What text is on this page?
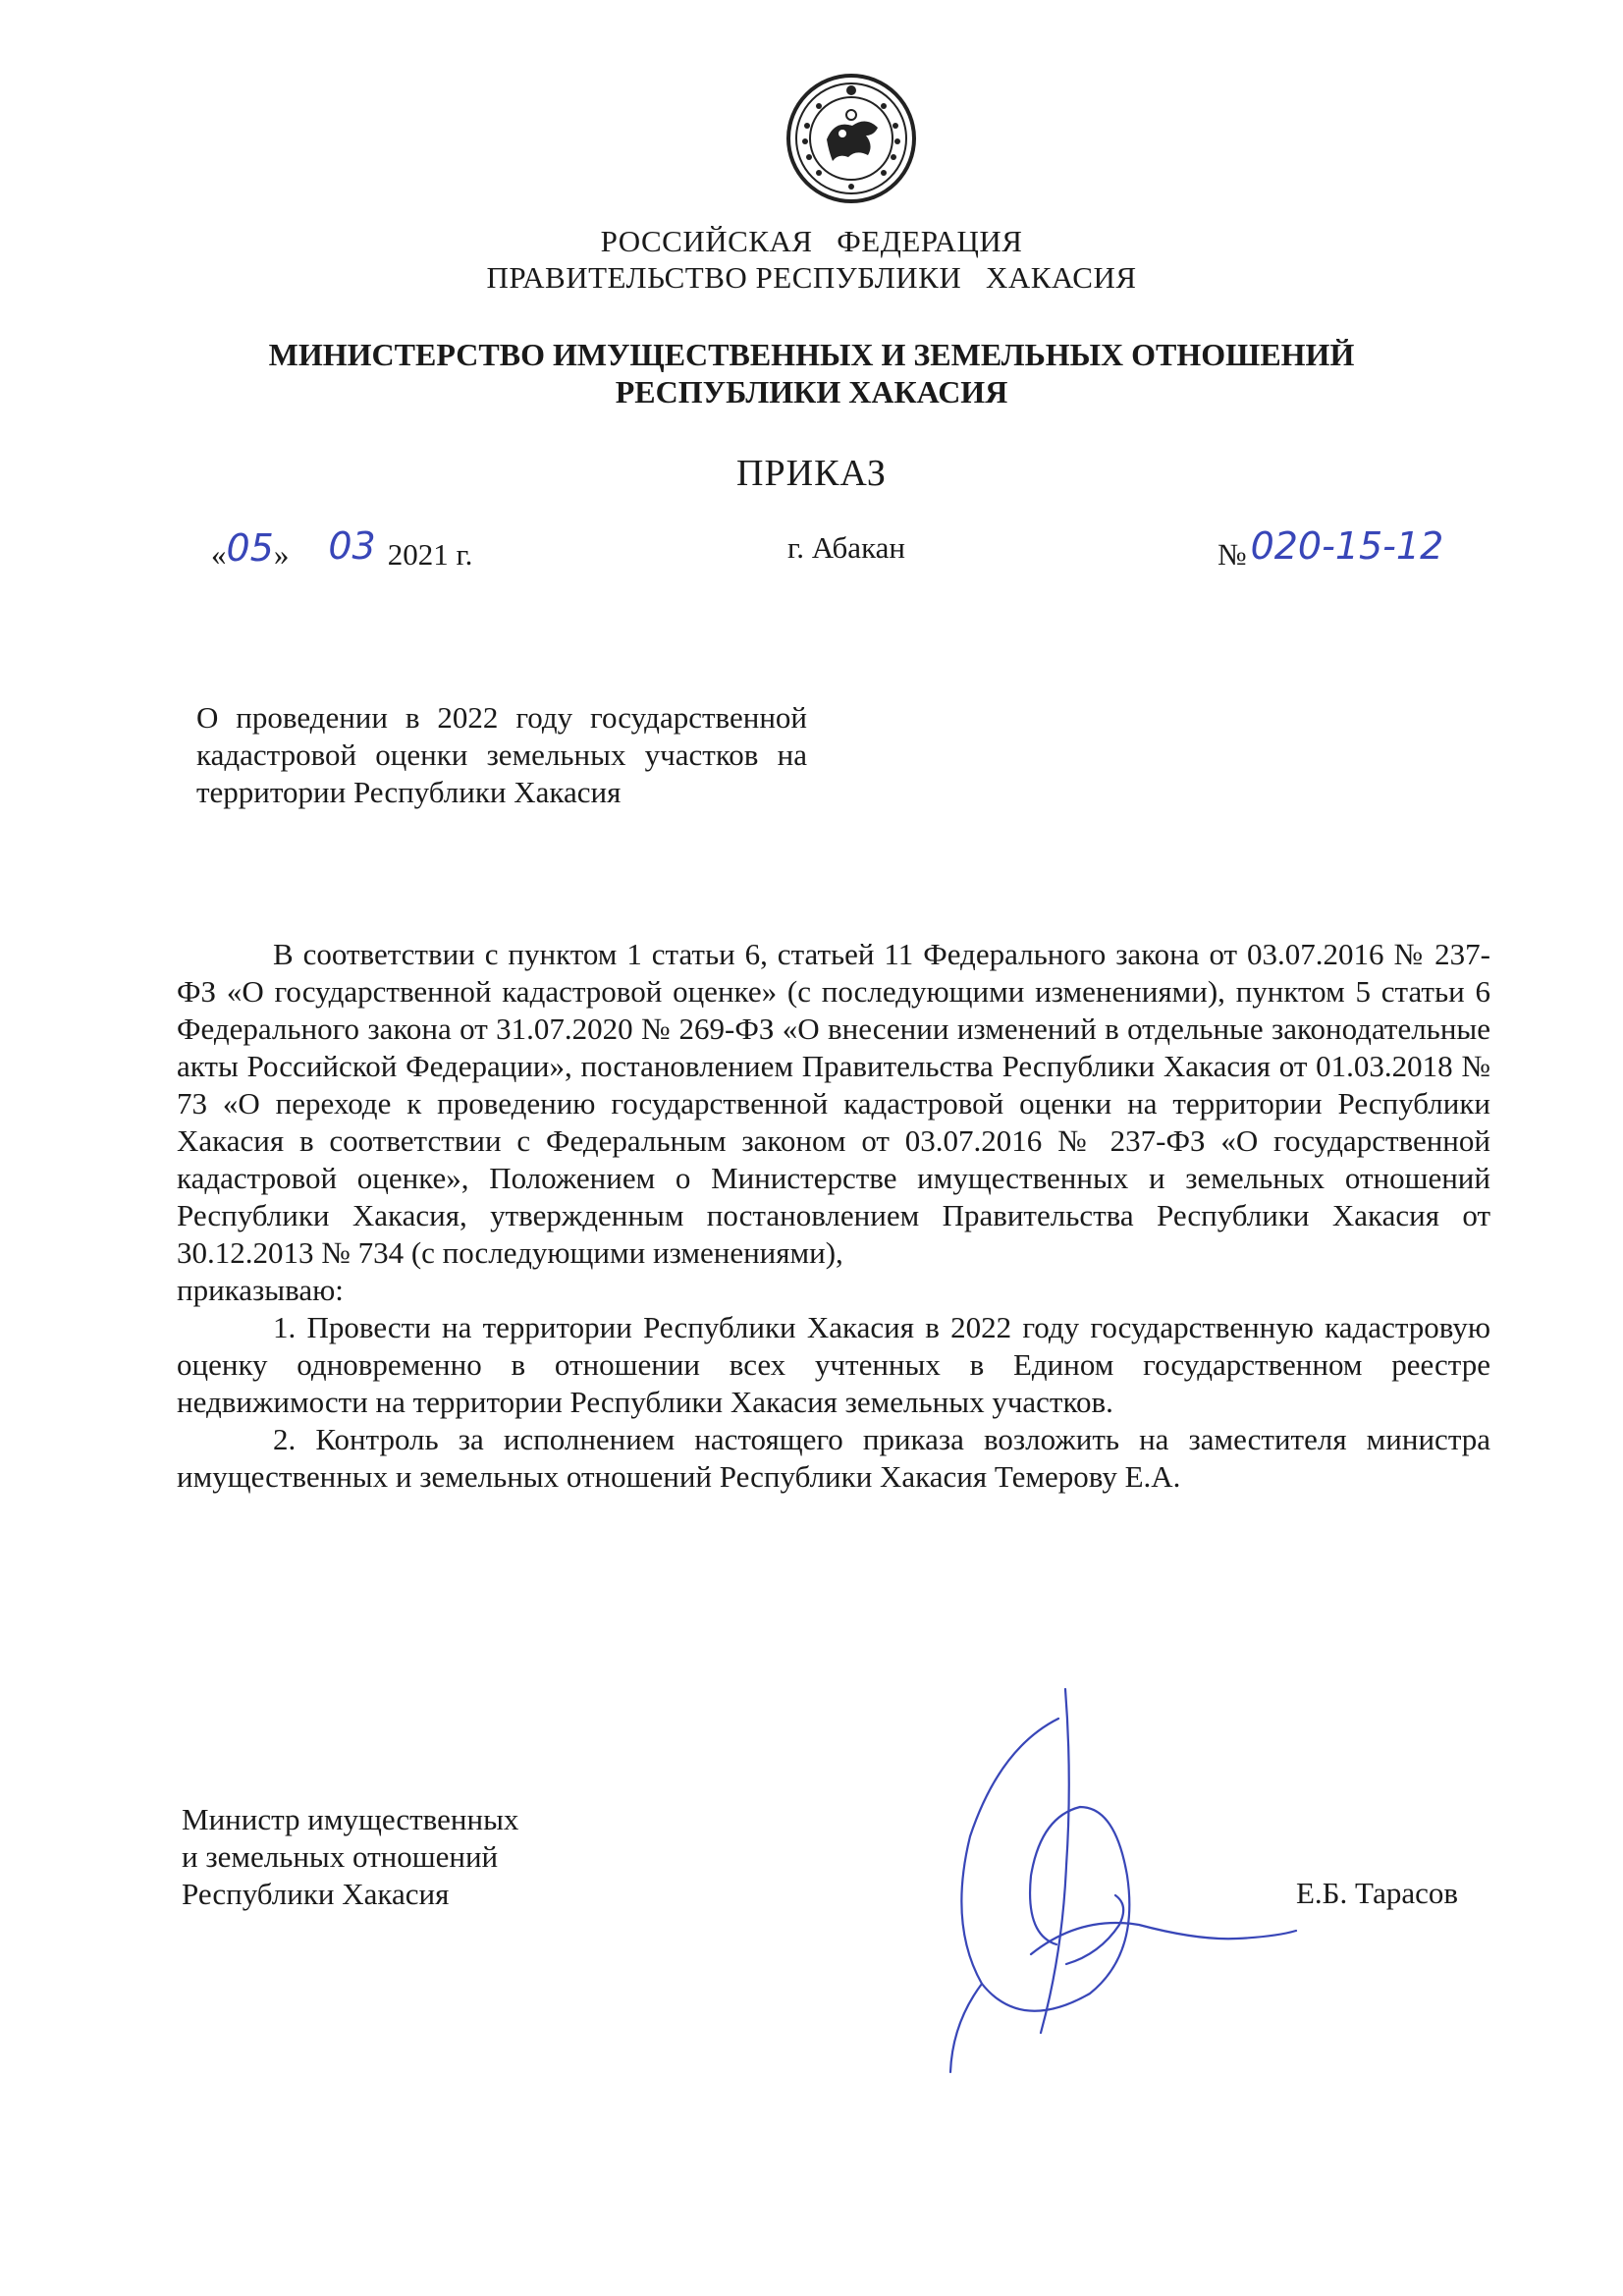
РОССИЙСКАЯ   ФЕДЕРАЦИЯ
ПРАВИТЕЛЬСТВО РЕСПУБЛИКИ   ХАКАСИЯ
МИНИСТЕРСТВО ИМУЩЕСТВЕННЫХ И ЗЕМЕЛЬНЫХ ОТНОШЕНИЙ
РЕСПУБЛИКИ ХАКАСИЯ
ПРИКАЗ
«05» 03 2021 г.	г. Абакан	№ 020-15-12
О проведении в 2022 году государственной кадастровой оценки земельных участков на территории Республики Хакасия

В соответствии с пунктом 1 статьи 6, статьей 11 Федерального закона от 03.07.2016 № 237-ФЗ «О государственной кадастровой оценке» (с последующими изменениями), пунктом 5 статьи 6 Федерального закона от 31.07.2020 № 269-ФЗ «О внесении изменений в отдельные законодательные акты Российской Федерации», постановлением Правительства Республики Хакасия от 01.03.2018 № 73 «О переходе к проведению государственной кадастровой оценки на территории Республики Хакасия в соответствии с Федеральным законом от 03.07.2016 № 237-ФЗ «О государственной кадастровой оценке», Положением о Министерстве имущественных и земельных отношений Республики Хакасия, утвержденным постановлением Правительства Республики Хакасия от 30.12.2013 № 734 (с последующими изменениями),

приказываю:

1. Провести на территории Республики Хакасия в 2022 году государственную кадастровую оценку одновременно в отношении всех учтенных в Едином государственном реестре недвижимости на территории Республики Хакасия земельных участков.

2. Контроль за исполнением настоящего приказа возложить на заместителя министра имущественных и земельных отношений Республики Хакасия Темерову Е.А.

Министр имущественных
и земельных отношений
Республики Хакасия	Е.Б. Тарасов
